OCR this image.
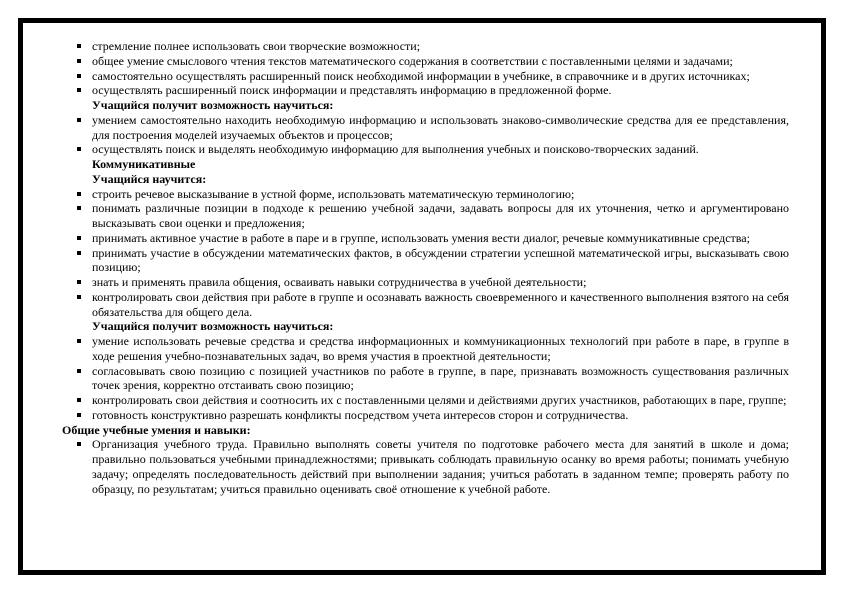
стремление полнее использовать свои творческие возможности;
общее умение смыслового чтения текстов математического содержания в соответствии с поставленными целями и задачами;
самостоятельно осуществлять расширенный поиск необходимой информации в учебнике, в справочнике и в других источниках;
осуществлять расширенный поиск информации и представлять информацию в предложенной форме.
Учащийся получит возможность научиться:
умением самостоятельно находить необходимую информацию и использовать знаково-символические средства для ее представления, для построения моделей изучаемых объектов и процессов;
осуществлять поиск и выделять необходимую информацию для выполнения учебных и поисково-творческих заданий.
Коммуникативные
Учащийся научится:
строить речевое высказывание в устной форме, использовать математическую терминологию;
понимать различные позиции в подходе к решению учебной задачи, задавать вопросы для их уточнения, четко и аргументировано высказывать свои оценки и предложения;
принимать активное участие в работе в паре и в группе, использовать умения вести диалог, речевые коммуникативные средства;
принимать участие в обсуждении математических фактов, в обсуждении стратегии успешной математической игры, высказывать свою позицию;
знать и применять правила общения, осваивать навыки сотрудничества в учебной деятельности;
контролировать свои действия при работе в группе и осознавать важность своевременного и качественного выполнения взятого на себя обязательства для общего дела.
Учащийся получит возможность научиться:
умение использовать речевые средства и средства информационных и коммуникационных технологий при работе в паре, в группе в ходе решения учебно-познавательных задач, во время участия в проектной деятельности;
согласовывать свою позицию с позицией участников по работе в группе, в паре, признавать возможность существования различных точек зрения, корректно отстаивать свою позицию;
контролировать свои действия и соотносить их с поставленными целями и действиями других участников, работающих в паре, группе;
готовность конструктивно разрешать конфликты посредством учета интересов сторон и сотрудничества.
Общие учебные умения и навыки:
Организация учебного труда. Правильно выполнять советы учителя по подготовке рабочего места для занятий в школе и дома; правильно пользоваться учебными принадлежностями; привыкать соблюдать правильную осанку во время работы; понимать учебную задачу; определять последовательность действий при выполнении задания; учиться работать в заданном темпе; проверять работу по образцу, по результатам; учиться правильно оценивать своё отношение к учебной работе.
